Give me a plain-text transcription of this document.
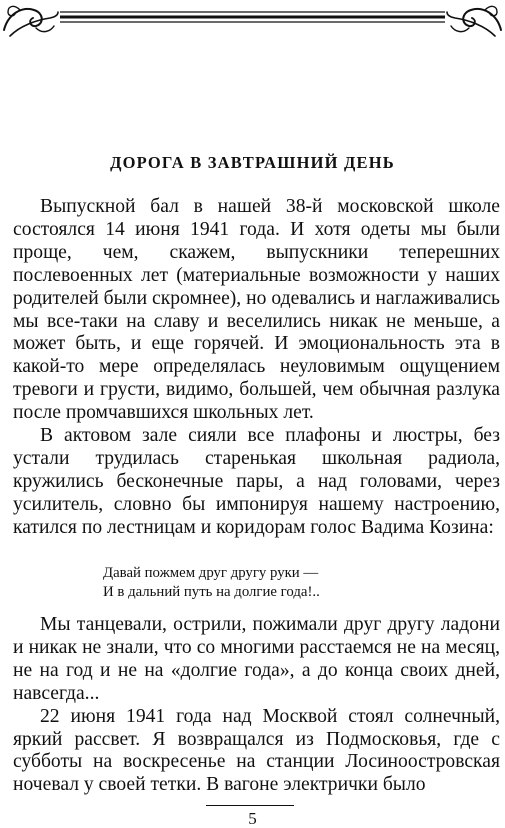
ДОРОГА В ЗАВТРАШНИЙ ДЕНЬ

Выпускной бал в нашей 38-й московской школе состоялся 14 июня 1941 года. И хотя одеты мы были проще, чем, скажем, выпускники теперешних послевоенных лет (материальные возможности у наших родителей были скромнее), но одевались и наглаживались мы все-таки на славу и веселились никак не меньше, а может быть, и еще горячей. И эмоциональность эта в какой-то мере определялась неуловимым ощущением тревоги и грусти, видимо, большей, чем обычная разлука после промчавшихся школьных лет.

В актовом зале сияли все плафоны и люстры, без устали трудилась старенькая школьная радиола, кружились бесконечные пары, а над головами, через усилитель, словно бы импонируя нашему настроению, катился по лестницам и коридорам голос Вадима Козина:

Давай пожмем друг другу руки —
И в дальний путь на долгие года!..

Мы танцевали, острили, пожимали друг другу ладони и никак не знали, что со многими расстаемся не на месяц, не на год и не на «долгие года», а до конца своих дней, навсегда...

22 июня 1941 года над Москвой стоял солнечный, яркий рассвет. Я возвращался из Подмосковья, где с субботы на воскресенье на станции Лосиноостровская ночевал у своей тетки. В вагоне электрички было

5
